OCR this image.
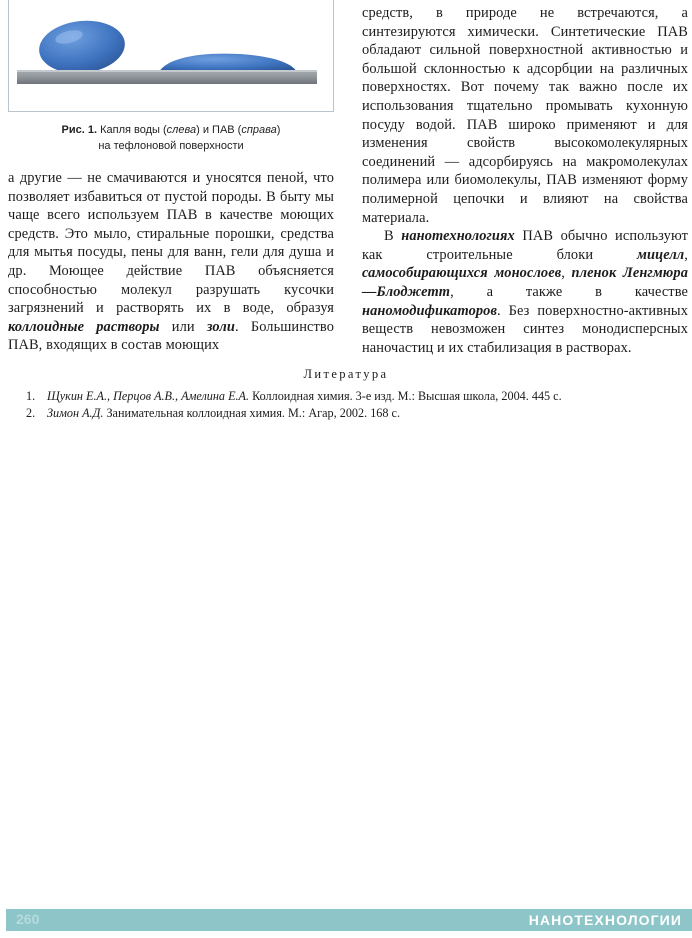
Рис. 1. Капля воды (слева) и ПАВ (справа)
на тефлоновой поверхности

а другие — не смачиваются и уносятся пеной, что позволяет избавиться от пустой породы. В быту мы чаще всего используем ПАВ в качестве моющих средств. Это мыло, стиральные порошки, средства для мытья посуды, пены для ванн, гели для душа и др. Моющее действие ПАВ объясняется способностью молекул разрушать кусочки загрязнений и растворять их в воде, образуя коллоидные растворы или золи. Большинство ПАВ, входящих в состав моющих

средств, в природе не встречаются, а синтезируются химически. Синтетические ПАВ обладают сильной поверхностной активностью и большой склонностью к адсорбции на различных поверхностях. Вот почему так важно после их использования тщательно промывать кухонную посуду водой. ПАВ широко применяют и для изменения свойств высокомолекулярных соединений — адсорбируясь на макромолекулах полимера или биомолекулы, ПАВ изменяют форму полимерной цепочки и влияют на свойства материала.

В нанотехнологиях ПАВ обычно используют как строительные блоки мицелл, самособирающихся монослоев, пленок Ленгмюра—Блоджетт, а также в качестве наномодификаторов. Без поверхностно-активных веществ невозможен синтез монодисперсных наночастиц и их стабилизация в растворах.

Литература
1. Щукин Е.А., Перцов А.В., Амелина Е.А. Коллоидная химия. 3-е изд. М.: Высшая школа, 2004. 445 с.
2. Зимон А.Д. Занимательная коллоидная химия. М.: Агар, 2002. 168 с.
260	НАНОТЕХНОЛОГИИ
